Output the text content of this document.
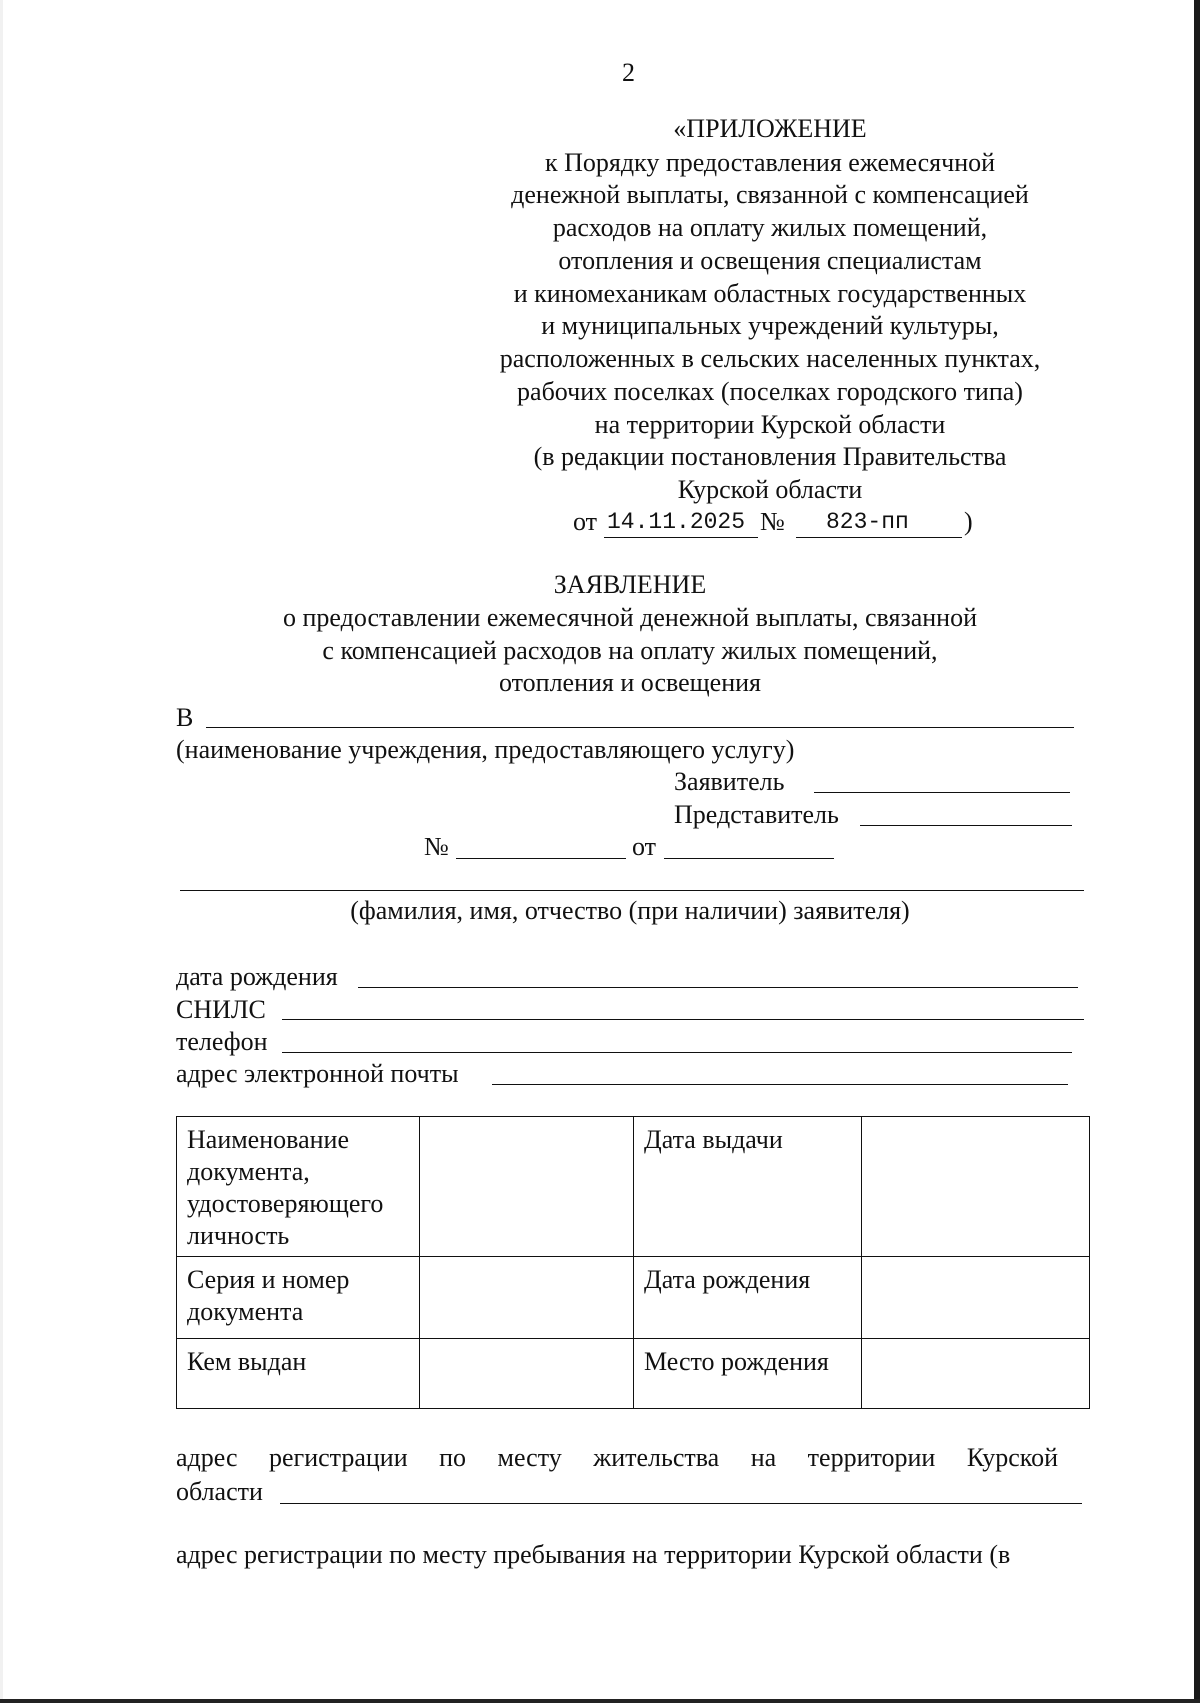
2
«ПРИЛОЖЕНИЕ
к Порядку предоставления ежемесячной
денежной выплаты, связанной с компенсацией
расходов на оплату жилых помещений,
отопления и освещения специалистам
и киномеханикам областных государственных
и муниципальных учреждений культуры,
расположенных в сельских населенных пунктах,
рабочих поселках (поселках городского типа)
на территории Курской области
(в редакции постановления Правительства
Курской области
от 14.11.2025 № 823-пп )
ЗАЯВЛЕНИЕ
о предоставлении ежемесячной денежной выплаты, связанной
с компенсацией расходов на оплату жилых помещений,
отопления и освещения
В
(наименование учреждения, предоставляющего услугу)
Заявитель
Представитель
№	от
(фамилия, имя, отчество (при наличии) заявителя)
дата рождения
СНИЛС
телефон
адрес электронной почты
Наименование документа, удостоверяющего личность		Дата выдачи	
Серия и номер документа		Дата рождения	
Кем выдан		Место рождения	
адрес регистрации по месту жительства на территории Курской
области
адрес регистрации по месту пребывания на территории Курской области (в
